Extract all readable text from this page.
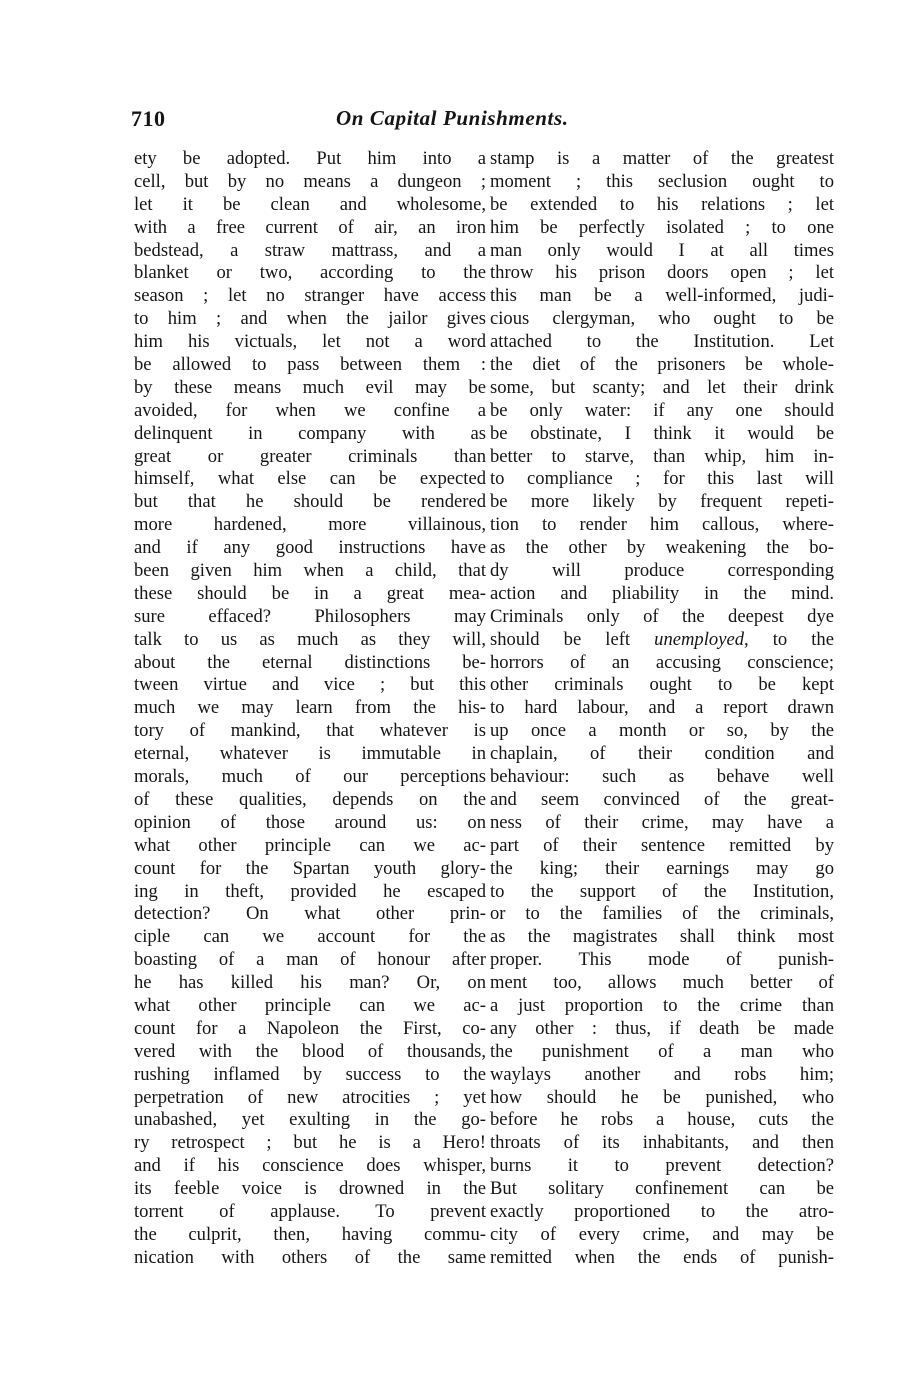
710	On Capital Punishments.
ety be adopted. Put him into a
cell, but by no means a dungeon ;
let it be clean and wholesome,
with a free current of air, an iron
bedstead, a straw mattrass, and a
blanket or two, according to the
season ; let no stranger have access
to him ; and when the jailor gives
him his victuals, let not a word
be allowed to pass between them :
by these means much evil may be
avoided, for when we confine a
delinquent in company with as
great or greater criminals than
himself, what else can be expected
but that he should be rendered
more hardened, more villainous,
and if any good instructions have
been given him when a child, that
these should be in a great mea-
sure effaced? Philosophers may
talk to us as much as they will,
about the eternal distinctions be-
tween virtue and vice ; but this
much we may learn from the his-
tory of mankind, that whatever is
eternal, whatever is immutable in
morals, much of our perceptions
of these qualities, depends on the
opinion of those around us: on
what other principle can we ac-
count for the Spartan youth glory-
ing in theft, provided he escaped
detection? On what other prin-
ciple can we account for the
boasting of a man of honour after
he has killed his man? Or, on
what other principle can we ac-
count for a Napoleon the First, co-
vered with the blood of thousands,
rushing inflamed by success to the
perpetration of new atrocities ; yet
unabashed, yet exulting in the go-
ry retrospect ; but he is a Hero!
and if his conscience does whisper,
its feeble voice is drowned in the
torrent of applause. To prevent
the culprit, then, having commu-
nication with others of the same
stamp is a matter of the greatest
moment ; this seclusion ought to
be extended to his relations ; let
him be perfectly isolated ; to one
man only would I at all times
throw his prison doors open ; let
this man be a well-informed, judi-
cious clergyman, who ought to be
attached to the Institution. Let
the diet of the prisoners be whole-
some, but scanty; and let their drink
be only water: if any one should
be obstinate, I think it would be
better to starve, than whip, him in-
to compliance ; for this last will
be more likely by frequent repeti-
tion to render him callous, where-
as the other by weakening the bo-
dy will produce corresponding
action and pliability in the mind.
Criminals only of the deepest dye
should be left unemployed, to the
horrors of an accusing conscience;
other criminals ought to be kept
to hard labour, and a report drawn
up once a month or so, by the
chaplain, of their condition and
behaviour: such as behave well
and seem convinced of the great-
ness of their crime, may have a
part of their sentence remitted by
the king; their earnings may go
to the support of the Institution,
or to the families of the criminals,
as the magistrates shall think most
proper. This mode of punish-
ment too, allows much better of
a just proportion to the crime than
any other : thus, if death be made
the punishment of a man who
waylays another and robs him;
how should he be punished, who
before he robs a house, cuts the
throats of its inhabitants, and then
burns it to prevent detection?
But solitary confinement can be
exactly proportioned to the atro-
city of every crime, and may be
remitted when the ends of punish-
